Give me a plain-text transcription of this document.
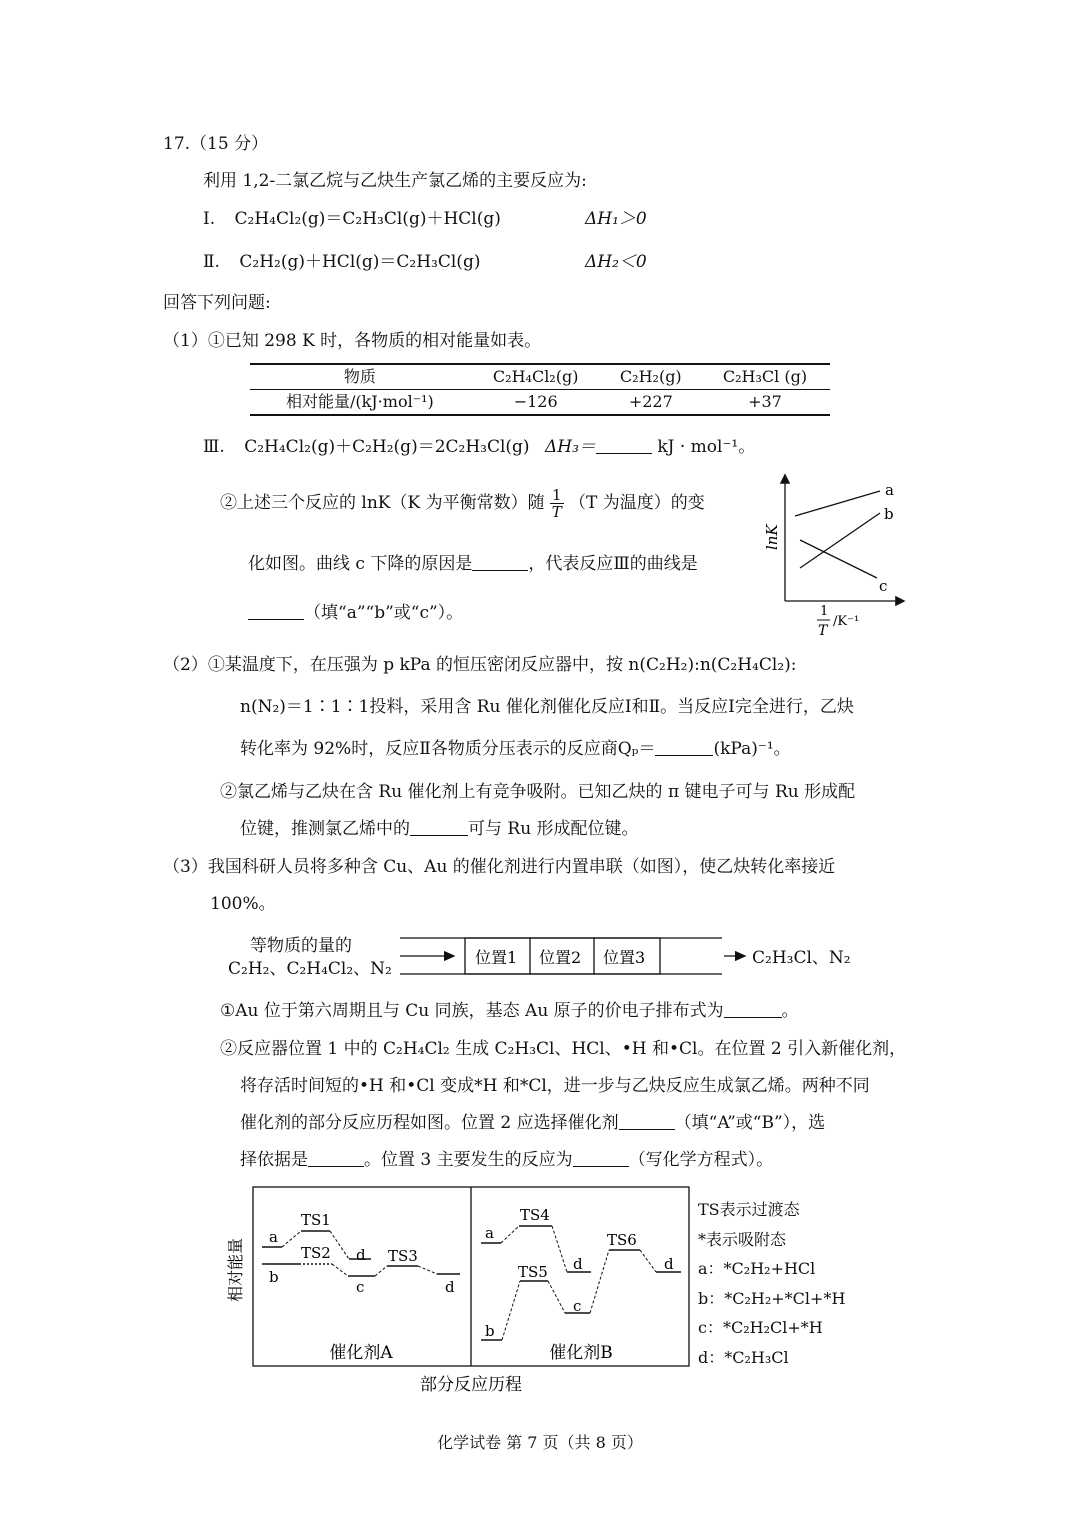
17.（15 分）
利用 1,2-二氯乙烷与乙炔生产氯乙烯的主要反应为:
Ⅰ. C₂H₄Cl₂(g)＝C₂H₃Cl(g)＋HCl(g)	ΔH₁＞0
Ⅱ. C₂H₂(g)＋HCl(g)＝C₂H₃Cl(g)	ΔH₂＜0
回答下列问题:
（1）①已知 298 K 时，各物质的相对能量如表。
物质	C₂H₄Cl₂(g)	C₂H₂(g)	C₂H₃Cl (g)
相对能量/(kJ·mol⁻¹)	−126	+227	+37
Ⅲ. C₂H₄Cl₂(g)＋C₂H₂(g)＝2C₂H₃Cl(g) ΔH₃＝	kJ · mol⁻¹。
②上述三个反应的 lnK（K 为平衡常数）随 $\frac{1}{T} (T$ 为温度）的变
化如图。曲线 c 下降的原因是	，代表反应Ⅲ的曲线是
（填“a”“b”或“c”）。
a
b
c
lnK
1
T
/K⁻¹
（2）①某温度下，在压强为 p kPa 的恒压密闭反应器中，按 n(C₂H₂):n(C₂H₄Cl₂):
n(N₂)＝1∶1∶1投料，采用含 Ru 催化剂催化反应Ⅰ和Ⅱ。当反应Ⅰ完全进行，乙炔
转化率为 92%时，反应Ⅱ各物质分压表示的反应商Qₚ＝	(kPa)⁻¹。
②氯乙烯与乙炔在含 Ru 催化剂上有竞争吸附。已知乙炔的 π 键电子可与 Ru 形成配
位键，推测氯乙烯中的	可与 Ru 形成配位键。
（3）我国科研人员将多种含 Cu、Au 的催化剂进行内置串联（如图），使乙炔转化率接近
100%。
等物质的量的
C₂H₂、C₂H₄Cl₂、N₂
位置1 位置2 位置3	C₂H₃Cl、N₂
①Au 位于第六周期且与 Cu 同族，基态 Au 原子的价电子排布式为	。
②反应器位置 1 中的 C₂H₄Cl₂ 生成 C₂H₃Cl、HCl、•H 和•Cl。在位置 2 引入新催化剂，
将存活时间短的•H 和•Cl 变成*H 和*Cl，进一步与乙炔反应生成氯乙烯。两种不同
催化剂的部分反应历程如图。位置 2 应选择催化剂	（填“A”或“B”），选
择依据是	。位置 3 主要发生的反应为	（写化学方程式）。
相对能量
a
b
TS1
TS2 d
c
TS3
d
催化剂A
a
b
TS4
TS5 d
c
TS6
d
催化剂B
部分反应历程
TS表示过渡态
*表示吸附态
a：*C₂H₂+HCl
b：*C₂H₂+*Cl+*H
c：*C₂H₂Cl+*H
d：*C₂H₃Cl
化学试卷 第 7 页（共 8 页）
